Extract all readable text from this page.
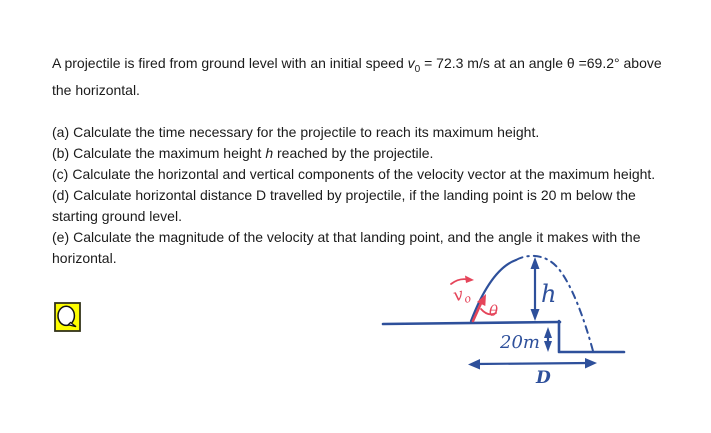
A projectile is fired from ground level with an initial speed $v_0 = 72.3$ m/s at an angle θ =69.2° above the horizontal.

(a) Calculate the time necessary for the projectile to reach its maximum height.

(b) Calculate the maximum height h reached by the projectile.

(c) Calculate the horizontal and vertical components of the velocity vector at the maximum height.

(d) Calculate horizontal distance D travelled by projectile, if the landing point is 20 m below the starting ground level.

(e) Calculate the magnitude of the velocity at that landing point, and the angle it makes with the horizontal.

$v_o$
θ
h
20m
D
